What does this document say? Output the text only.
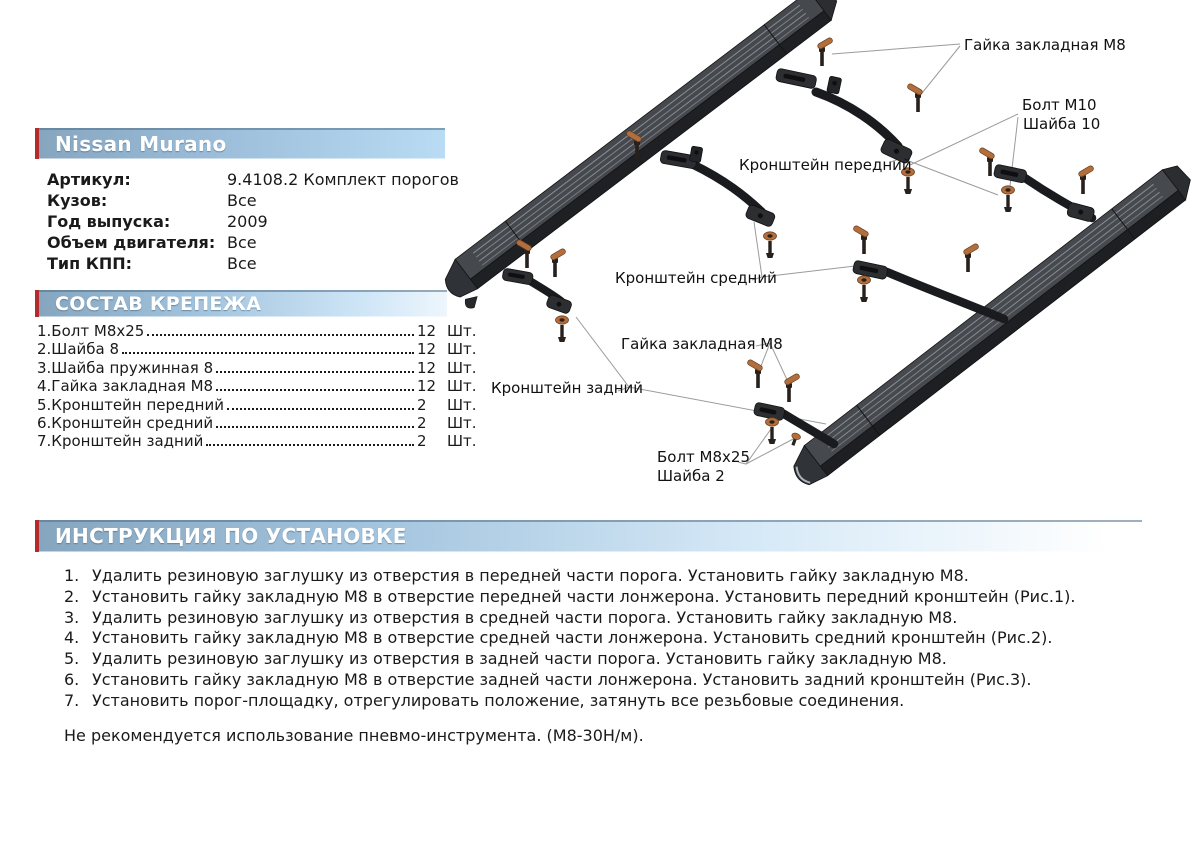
Nissan Murano
Артикул:	9.4108.2 Комплект порогов
Кузов:	Все
Год выпуска:	2009
Объем двигателя: Все
Тип КПП:	Все
СОСТАВ КРЕПЕЖА
1.Болт М8х25	12 Шт.
2.Шайба 8	12 Шт.
3.Шайба пружинная 8	12 Шт.
4.Гайка закладная М8	12 Шт.
5.Кронштейн передний	2	Шт.
6.Кронштейн средний	2	Шт.
7.Кронштейн задний	2	Шт.
Гайка закладная М8
Болт М10
Шайба 10
Кронштейн передний
Кронштейн средний
Гайка закладная М8
Кронштейн задний
Болт М8х25
Шайба 2
ИНСТРУКЦИЯ ПО УСТАНОВКЕ
1. Удалить резиновую заглушку из отверстия в передней части порога. Установить гайку закладную М8.
2. Установить гайку закладную М8 в отверстие передней части лонжерона. Установить передний кронштейн (Рис.1).
3. Удалить резиновую заглушку из отверстия в средней части порога. Установить гайку закладную М8.
4. Установить гайку закладную М8 в отверстие средней части лонжерона. Установить средний кронштейн (Рис.2).
5. Удалить резиновую заглушку из отверстия в задней части порога. Установить гайку закладную М8.
6. Установить гайку закладную М8 в отверстие задней части лонжерона. Установить задний кронштейн (Рис.3).
7. Установить порог-площадку, отрегулировать положение, затянуть все резьбовые соединения.
Не рекомендуется использование пневмо-инструмента. (М8-30Н/м).
